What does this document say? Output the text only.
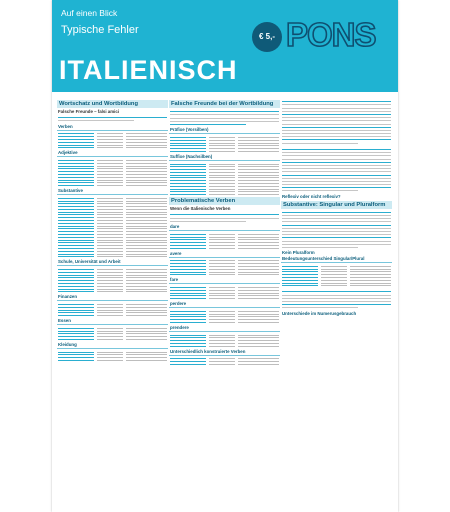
Auf einen Blick
Typische Fehler
ITALIENISCH
€ 5,- PONS
Wortschatz und Wortbildung
Falsche Freunde – falsi amici
Verben
Adjektive
Substantive
Schule, Universität und Arbeit
Finanzen
Essen
Kleidung
Falsche Freunde bei der Wortbildung
Präfixe (Vorsilben)
Suffixe (Nachsilben)
Problematische Verben
Wenn die Italienische Verben
dare
avere
fare
perdere
prendere
Unterschiedlich konstruierte Verben
Reflexiv oder nicht reflexiv?
Substantive: Singular und Pluralform
Kein Pluralform
Bedeutungsunterschied Singular/Plural
Unterschiede im Numerusgebrauch
